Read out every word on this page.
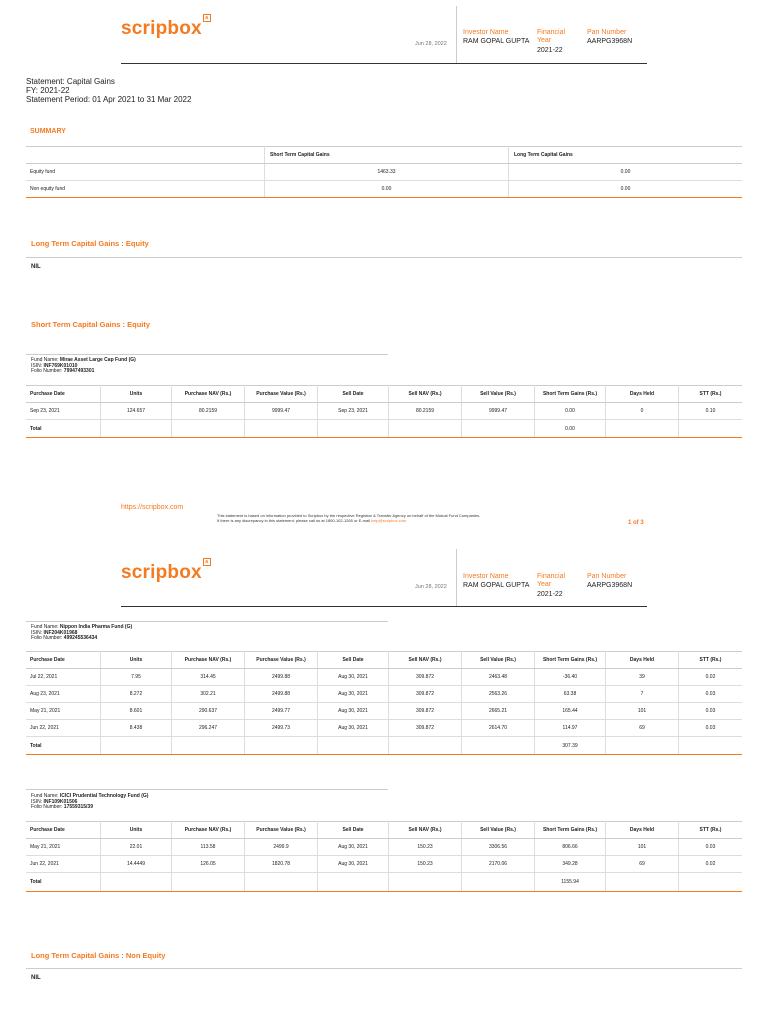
scripbox a
Jun 28, 2022
Investor Name
RAM GOPAL GUPTA
Financial
Year
2021-22
Pan Number
AARPG3968N
Statement: Capital Gains
FY: 2021-22
Statement Period: 01 Apr 2021 to 31 Mar 2022
SUMMARY
	Short Term Capital Gains	Long Term Capital Gains
Equity fund	1463.33	0.00
Non equity fund	0.00	0.00
Long Term Capital Gains : Equity
NIL
Short Term Capital Gains : Equity
Fund Name: Mirae Asset Large Cap Fund (G)
ISIN: INF769K01010
Folio Number: 79947493301
Purchase Date	Units	Purchase NAV (Rs.)	Purchase Value (Rs.)	Sell Date	Sell NAV (Rs.)	Sell Value (Rs.)	Short Term Gains (Rs.)	Days Held	STT (Rs.)
Sep 23, 2021	124.657	80.2159	9999.47	Sep 23, 2021	80.2159	9999.47	0.00	0	0.10
Total							0.00		
https://scripbox.com
This statement is based on information provided to Scripbox by the respective Registrar & Transfer Agency on behalf of the Mutual Fund Companies.
If there is any discrepancy in this statement, please call us at 1800-102-1265 or E-mail help@scripbox.com	1 of 3
scripbox a
Jun 28, 2022
Investor Name
RAM GOPAL GUPTA
Financial
Year
2021-22
Pan Number
AARPG3968N
Fund Name: Nippon India Pharma Fund (G)
ISIN: INF204K01968
Folio Number: 499245536434
Purchase Date	Units	Purchase NAV (Rs.)	Purchase Value (Rs.)	Sell Date	Sell NAV (Rs.)	Sell Value (Rs.)	Short Term Gains (Rs.)	Days Held	STT (Rs.)
Jul 22, 2021	7.95	314.45	2499.88	Aug 30, 2021	309.872	2463.48	-36.40	39	0.02
Aug 23, 2021	8.272	302.21	2499.88	Aug 30, 2021	309.872	2563.26	63.38	7	0.03
May 21, 2021	8.601	290.637	2499.77	Aug 30, 2021	309.872	2665.21	165.44	101	0.03
Jun 22, 2021	8.438	296.247	2499.73	Aug 30, 2021	309.872	2614.70	114.97	69	0.03
Total							307.39		
Fund Name: ICICI Prudential Technology Fund (G)
ISIN: INF109K01506
Folio Number: 17559315/39
Purchase Date	Units	Purchase NAV (Rs.)	Purchase Value (Rs.)	Sell Date	Sell NAV (Rs.)	Sell Value (Rs.)	Short Term Gains (Rs.)	Days Held	STT (Rs.)
May 21, 2021	22.01	113.58	2499.9	Aug 30, 2021	150.23	3306.56	806.66	101	0.03
Jun 22, 2021	14.4449	126.05	1820.78	Aug 30, 2021	150.23	2170.06	349.28	69	0.02
Total							1155.94		
Long Term Capital Gains : Non Equity
NIL
